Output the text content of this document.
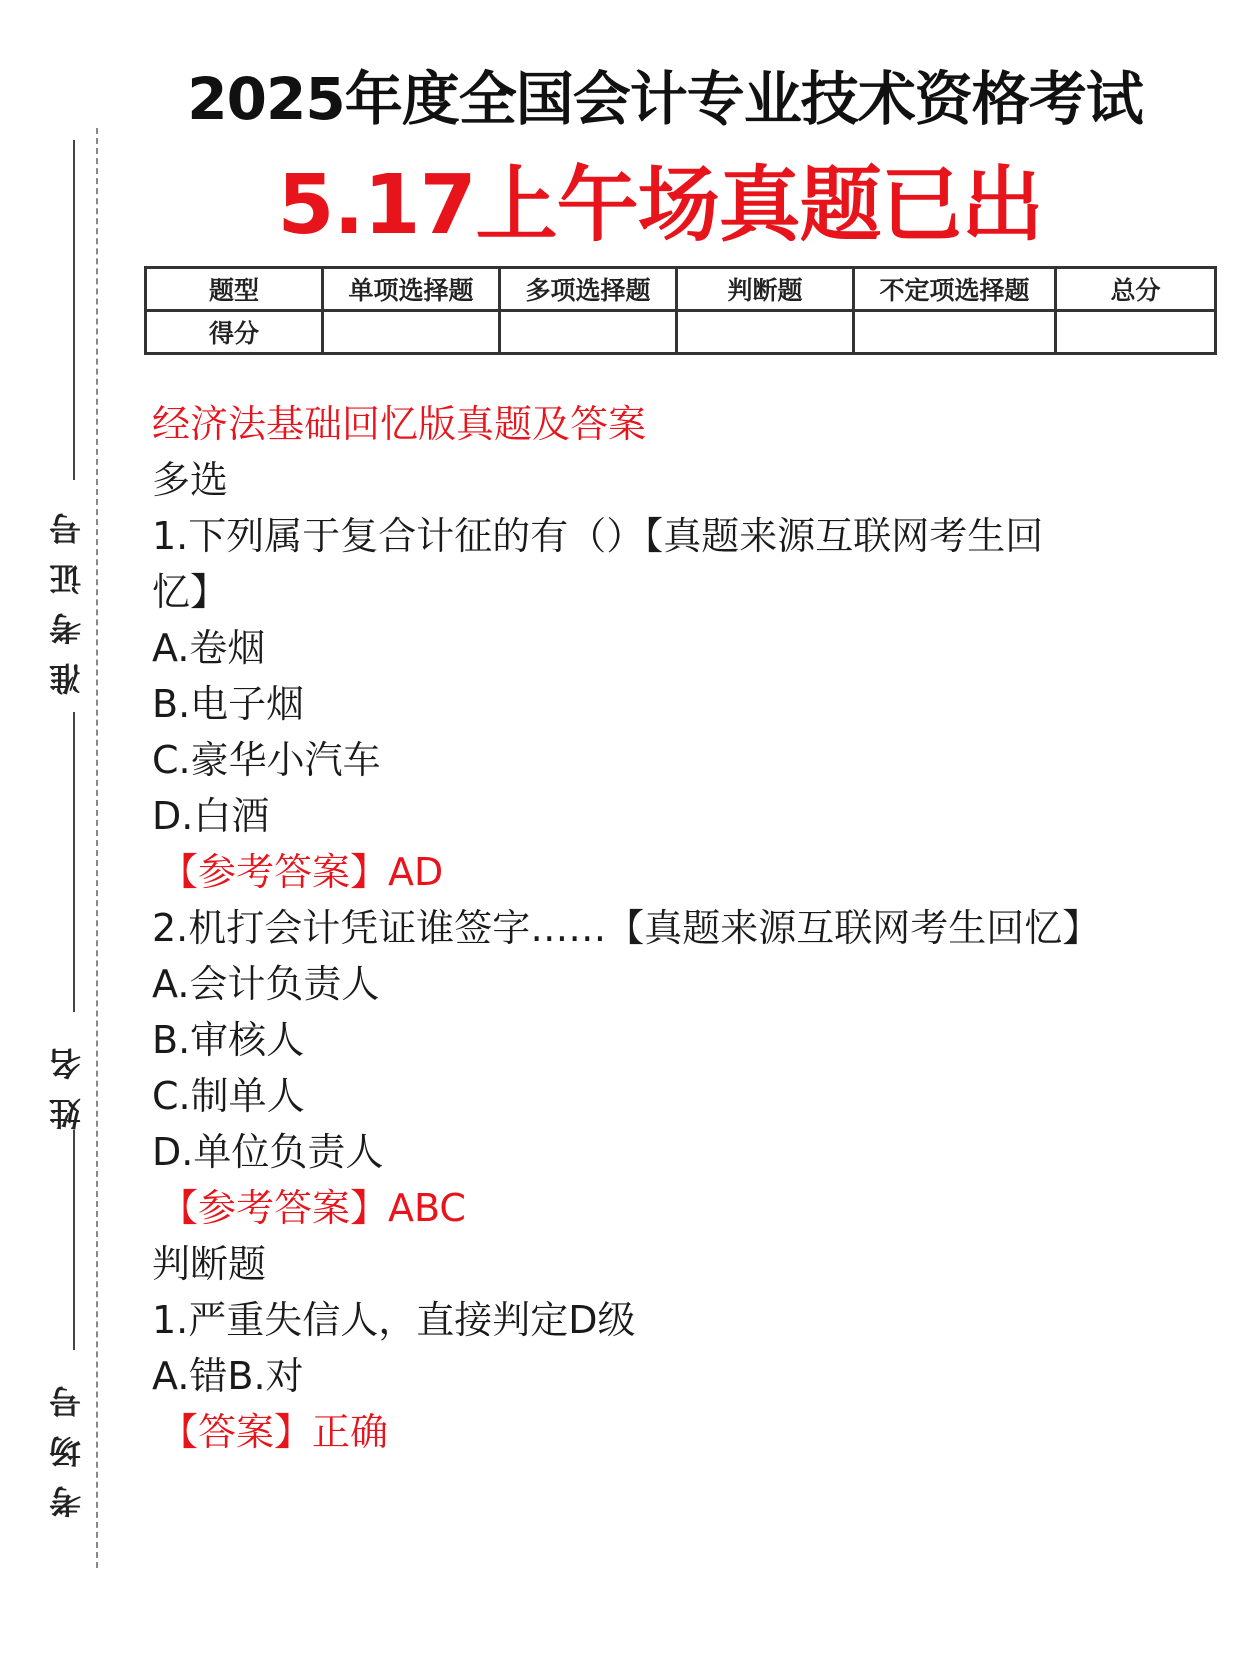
2025年度全国会计专业技术资格考试
5.17上午场真题已出
准考证号
姓名
考场号
题型	单项选择题	多项选择题	判断题	不定项选择题	总分
得分					
经济法基础回忆版真题及答案
多选
1.下列属于复合计征的有（）【真题来源互联网考生回
忆】
A.卷烟
B.电子烟
C.豪华小汽车
D.白酒
【参考答案】AD
2.机打会计凭证谁签字……【真题来源互联网考生回忆】
A.会计负责人
B.审核人
C.制单人
D.单位负责人
【参考答案】ABC
判断题
1.严重失信人，直接判定D级
A.错B.对
【答案】正确
